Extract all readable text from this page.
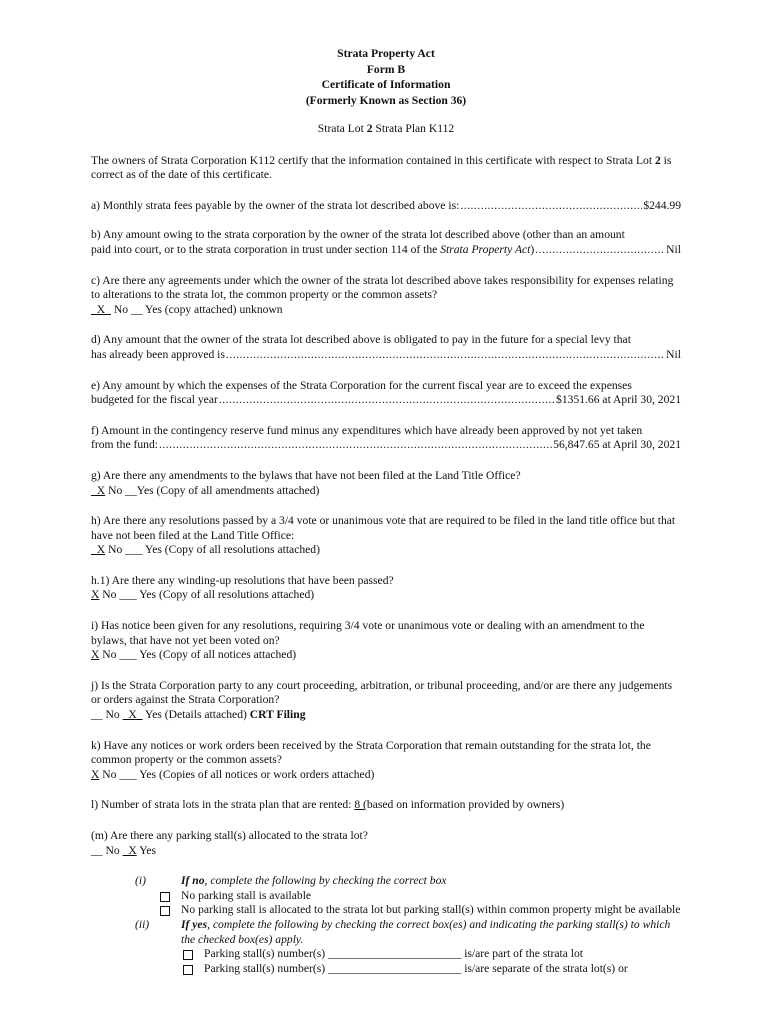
Strata Property Act
Form B
Certificate of Information
(Formerly Known as Section 36)

Strata Lot 2 Strata Plan K112

The owners of Strata Corporation K112 certify that the information contained in this certificate with respect to Strata Lot 2 is correct as of the date of this certificate.

a) Monthly strata fees payable by the owner of the strata lot described above is: .....	$244.99

b) Any amount owing to the strata corporation by the owner of the strata lot described above (other than an amount

paid into court, or to the strata corporation in trust under section 114 of the Strata Property Act) .....	Nil

c) Are there any agreements under which the owner of the strata lot described above takes responsibility for expenses relating to alterations to the strata lot, the common property or the common assets?

_X_ No __ Yes (copy attached) unknown

d) Any amount that the owner of the strata lot described above is obligated to pay in the future for a special levy that

has already been approved is .....	Nil

e) Any amount by which the expenses of the Strata Corporation for the current fiscal year are to exceed the expenses

budgeted for the fiscal year .....	$1351.66 at April 30, 2021

f) Amount in the contingency reserve fund minus any expenditures which have already been approved by not yet taken

from the fund: .....	56,847.65 at April 30, 2021

g) Are there any amendments to the bylaws that have not been filed at the Land Title Office?

_X No __Yes (Copy of all amendments attached)

h) Are there any resolutions passed by a 3/4 vote or unanimous vote that are required to be filed in the land title office but that have not been filed at the Land Title Office:

_X No ___ Yes (Copy of all resolutions attached)

h.1) Are there any winding-up resolutions that have been passed?

X No ___ Yes (Copy of all resolutions attached)

i) Has notice been given for any resolutions, requiring 3/4 vote or unanimous vote or dealing with an amendment to the bylaws, that have not yet been voted on?

X No ___ Yes (Copy of all notices attached)

j) Is the Strata Corporation party to any court proceeding, arbitration, or tribunal proceeding, and/or are there any judgements or orders against the Strata Corporation?

__ No _X_ Yes (Details attached) CRT Filing

k) Have any notices or work orders been received by the Strata Corporation that remain outstanding for the strata lot, the common property or the common assets?

X No ___ Yes (Copies of all notices or work orders attached)

l) Number of strata lots in the strata plan that are rented: 8 (based on information provided by owners)

(m) Are there any parking stall(s) allocated to the strata lot?

__ No _X Yes

(i)	If no, complete the following by checking the correct box
No parking stall is available
No parking stall is allocated to the strata lot but parking stall(s) within common property might be available
(ii)	If yes, complete the following by checking the correct box(es) and indicating the parking stall(s) to which the checked box(es) apply.
Parking stall(s) number(s) _______________________ is/are part of the strata lot
Parking stall(s) number(s) _______________________ is/are separate of the strata lot(s) or
